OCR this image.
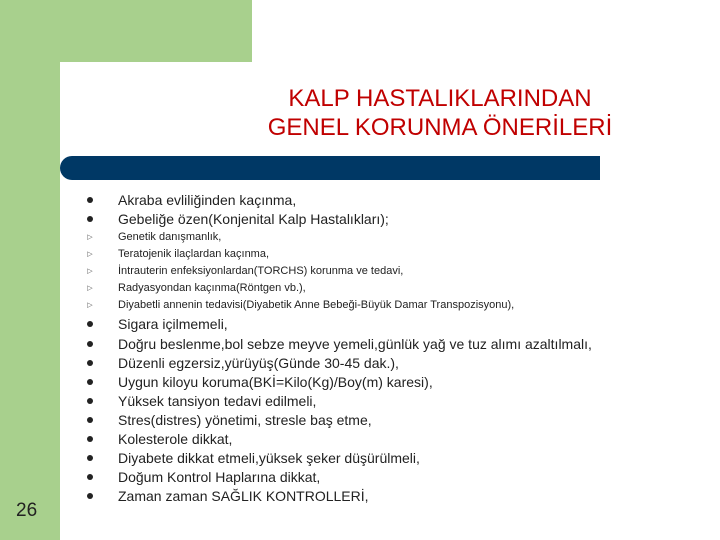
KALP HASTALIKLARINDAN
GENEL KORUNMA ÖNERİLERİ
Akraba evliliğinden kaçınma,
Gebeliğe özen(Konjenital Kalp Hastalıkları);
▷ Genetik danışmanlık,
▷ Teratojenik ilaçlardan kaçınma,
▷ İntrauterin enfeksiyonlardan(TORCHS) korunma ve tedavi,
▷ Radyasyondan kaçınma(Röntgen vb.),
▷ Diyabetli annenin tedavisi(Diyabetik Anne Bebeği-Büyük Damar Transpozisyonu),
Sigara içilmemeli,
Doğru beslenme,bol sebze meyve yemeli,günlük yağ ve tuz alımı azaltılmalı,
Düzenli egzersiz,yürüyüş(Günde 30-45 dak.),
Uygun kiloyu koruma(BKİ=Kilo(Kg)/Boy(m) karesi),
Yüksek tansiyon tedavi edilmeli,
Stres(distres) yönetimi, stresle baş etme,
Kolesterole dikkat,
Diyabete dikkat etmeli,yüksek şeker düşürülmeli,
Doğum Kontrol Haplarına dikkat,
Zaman zaman SAĞLIK KONTROLLERİ,
26
